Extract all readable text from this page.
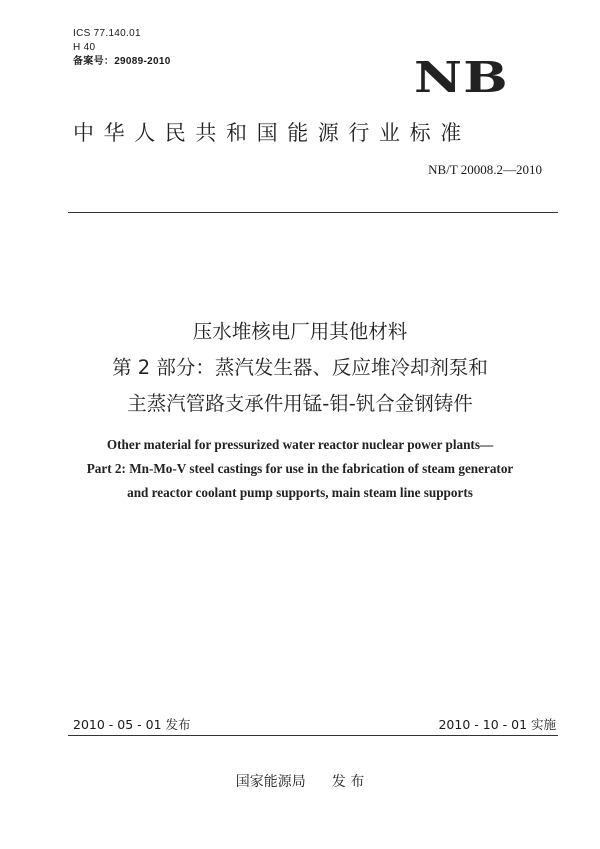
ICS 77.140.01
H 40
备案号：29089-2010	NB
中华人民共和国能源行业标准
NB/T 20008.2—2010
压水堆核电厂用其他材料
第 2 部分：蒸汽发生器、反应堆冷却剂泵和
主蒸汽管路支承件用锰-钼-钒合金钢铸件
Other material for pressurized water reactor nuclear power plants—
Part 2: Mn-Mo-V steel castings for use in the fabrication of steam generator
and reactor coolant pump supports, main steam line supports
2010 - 05 - 01 发布	2010 - 10 - 01 实施
国家能源局 发 布
